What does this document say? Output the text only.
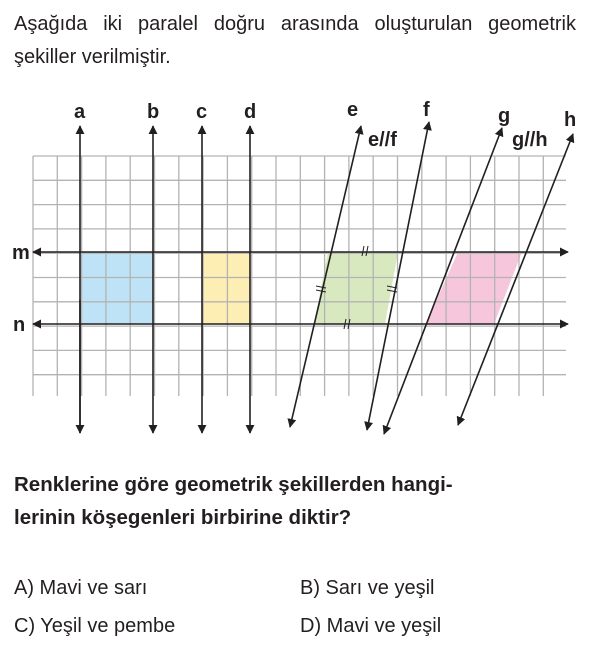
Aşağıda iki paralel doğru arasında oluşturulan geometrik şekiller verilmiştir.

a	b c d	e	f	g	h
m
n
e//f	g//h

Renklerine göre geometrik şekillerden hangi-
lerinin köşegenleri birbirine diktir?

A) Mavi ve sarı	B) Sarı ve yeşil

C) Yeşil ve pembe	D) Mavi ve yeşil
